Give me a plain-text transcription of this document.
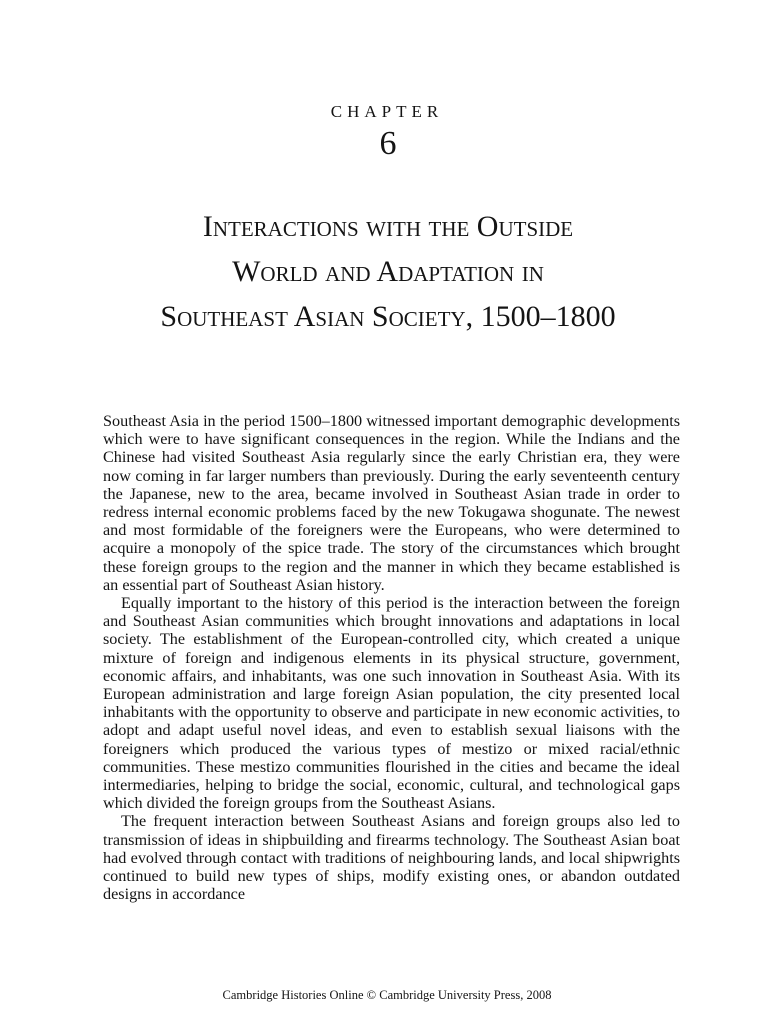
CHAPTER
6
Interactions with the Outside
World and Adaptation in
Southeast Asian Society, 1500–1800

Southeast Asia in the period 1500–1800 witnessed important demographic developments which were to have significant consequences in the region. While the Indians and the Chinese had visited Southeast Asia regularly since the early Christian era, they were now coming in far larger numbers than previously. During the early seventeenth century the Japanese, new to the area, became involved in Southeast Asian trade in order to redress internal economic problems faced by the new Tokugawa shogunate. The newest and most formidable of the foreigners were the Europeans, who were determined to acquire a monopoly of the spice trade. The story of the circumstances which brought these foreign groups to the region and the manner in which they became established is an essential part of Southeast Asian history.

Equally important to the history of this period is the interaction between the foreign and Southeast Asian communities which brought innovations and adaptations in local society. The establishment of the European-controlled city, which created a unique mixture of foreign and indigenous elements in its physical structure, government, economic affairs, and inhabitants, was one such innovation in Southeast Asia. With its European administration and large foreign Asian population, the city presented local inhabitants with the opportunity to observe and participate in new economic activities, to adopt and adapt useful novel ideas, and even to establish sexual liaisons with the foreigners which produced the various types of mestizo or mixed racial/ethnic communities. These mestizo communities flourished in the cities and became the ideal intermediaries, helping to bridge the social, economic, cultural, and technological gaps which divided the foreign groups from the Southeast Asians.

The frequent interaction between Southeast Asians and foreign groups also led to transmission of ideas in shipbuilding and firearms technology. The Southeast Asian boat had evolved through contact with traditions of neighbouring lands, and local shipwrights continued to build new types of ships, modify existing ones, or abandon outdated designs in accordance

Cambridge Histories Online © Cambridge University Press, 2008
